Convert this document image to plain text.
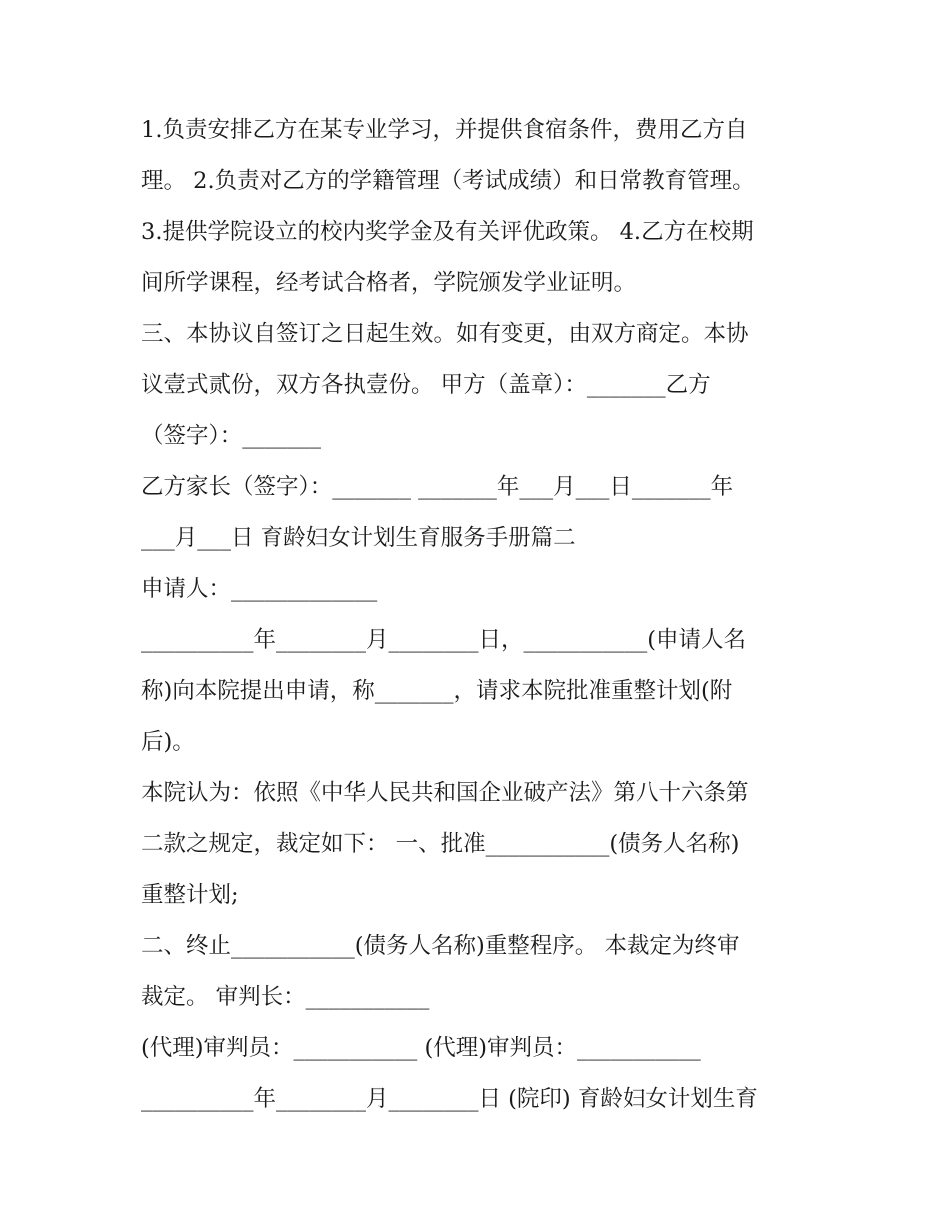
1.负责安排乙方在某专业学习，并提供食宿条件，费用乙方自
理。 2.负责对乙方的学籍管理（考试成绩）和日常教育管理。
3.提供学院设立的校内奖学金及有关评优政策。 4.乙方在校期
间所学课程，经考试合格者，学院颁发学业证明。
三、本协议自签订之日起生效。如有变更，由双方商定。本协
议壹式贰份，双方各执壹份。 甲方（盖章）：_______乙方
（签字）：_______
乙方家长（签字）：_______ _______年___月___日_______年
___月___日 育龄妇女计划生育服务手册篇二
申请人：_____________
__________年________月________日，___________(申请人名
称)向本院提出申请，称_______，请求本院批准重整计划(附
后)。
本院认为：依照《中华人民共和国企业破产法》第八十六条第
二款之规定，裁定如下： 一、批准___________(债务人名称)
重整计划;
二、终止___________(债务人名称)重整程序。 本裁定为终审
裁定。 审判长：___________
(代理)审判员：___________ (代理)审判员：___________
__________年________月________日 (院印) 育龄妇女计划生育
